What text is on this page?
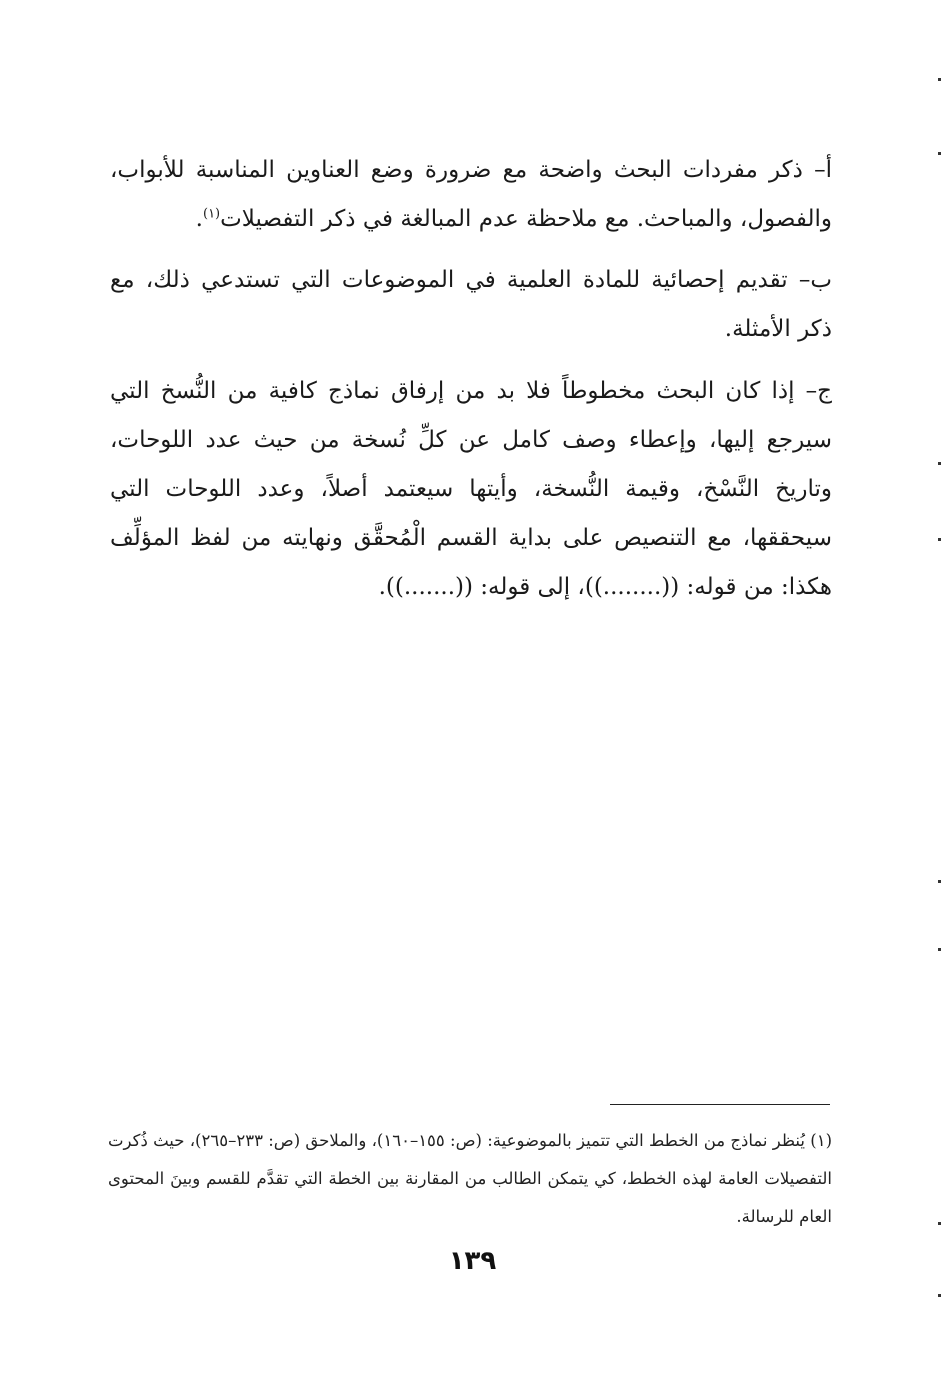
أ– ذكر مفردات البحث واضحة مع ضرورة وضع العناوين المناسبة للأبواب، والفصول، والمباحث. مع ملاحظة عدم المبالغة في ذكر التفصيلات$^{(١)}$.

ب– تقديم إحصائية للمادة العلمية في الموضوعات التي تستدعي ذلك، مع ذكر الأمثلة.

ج– إذا كان البحث مخطوطاً فلا بد من إرفاق نماذج كافية من النُّسخ التي سيرجع إليها، وإعطاء وصف كامل عن كلِّ نُسخة من حيث عدد اللوحات، وتاريخ النَّسْخ، وقيمة النُّسخة، وأيتها سيعتمد أصلاً، وعدد اللوحات التي سيحققها، مع التنصيص على بداية القسم الْمُحقَّق ونهايته من لفظ المؤلِّف هكذا: من قوله: ((........))، إلى قوله: ((.......)).

(١) يُنظر نماذج من الخطط التي تتميز بالموضوعية: (ص: ١٥٥–١٦٠)، والملاحق (ص: ٢٣٣–٢٦٥)، حيث ذُكرت التفصيلات العامة لهذه الخطط، كي يتمكن الطالب من المقارنة بين الخطة التي تقدَّم للقسم وبينَ المحتوى العام للرسالة.

١٣٩
